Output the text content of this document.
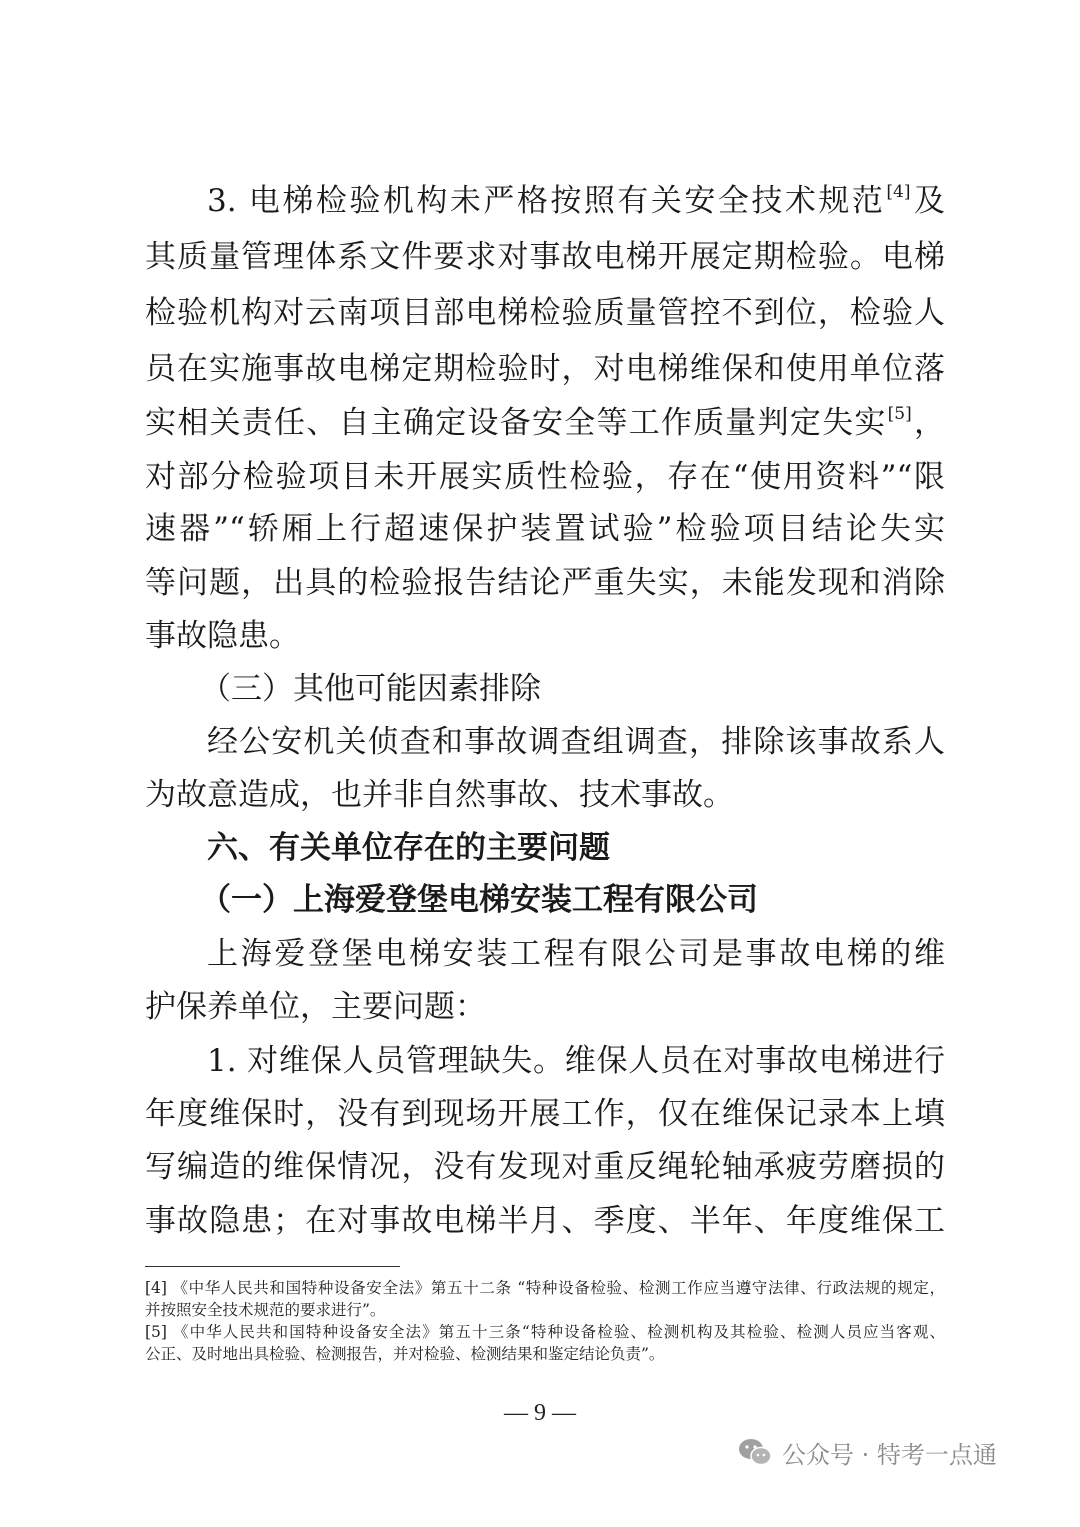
3. 电梯检验机构未严格按照有关安全技术规范[4]及
其质量管理体系文件要求对事故电梯开展定期检验。电梯
检验机构对云南项目部电梯检验质量管控不到位，检验人
员在实施事故电梯定期检验时，对电梯维保和使用单位落
实相关责任、自主确定设备安全等工作质量判定失实[5]，
对部分检验项目未开展实质性检验，存在“使用资料”“限
速器”“轿厢上行超速保护装置试验”检验项目结论失实
等问题，出具的检验报告结论严重失实，未能发现和消除
事故隐患。
（三）其他可能因素排除
经公安机关侦查和事故调查组调查，排除该事故系人
为故意造成，也并非自然事故、技术事故。
六、有关单位存在的主要问题
（一）上海爱登堡电梯安装工程有限公司
上海爱登堡电梯安装工程有限公司是事故电梯的维
护保养单位，主要问题：
1. 对维保人员管理缺失。维保人员在对事故电梯进行
年度维保时，没有到现场开展工作，仅在维保记录本上填
写编造的维保情况，没有发现对重反绳轮轴承疲劳磨损的
事故隐患；在对事故电梯半月、季度、半年、年度维保工
[4] 《中华人民共和国特种设备安全法》第五十二条 “特种设备检验、检测工作应当遵守法律、行政法规的规定，
并按照安全技术规范的要求进行”。
[5] 《中华人民共和国特种设备安全法》第五十三条“特种设备检验、检测机构及其检验、检测人员应当客观、
公正、及时地出具检验、检测报告，并对检验、检测结果和鉴定结论负责”。
— 9 —
公众号 · 特考一点通
